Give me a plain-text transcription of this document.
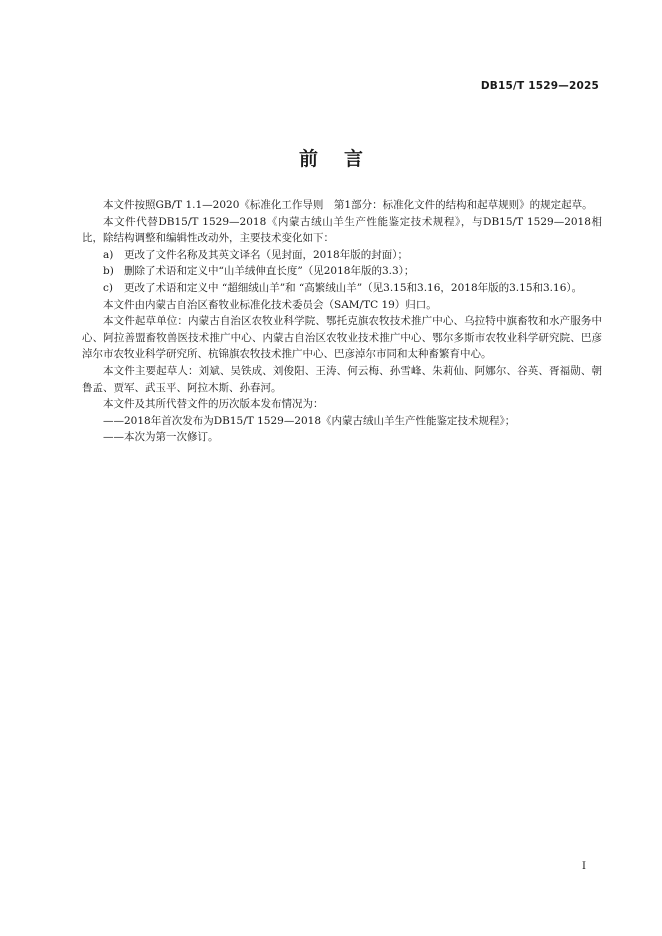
DB15/T 1529—2025
前言

本文件按照GB/T 1.1—2020《标准化工作导则　第1部分：标准化文件的结构和起草规则》的规定起草。

本文件代替DB15/T 1529—2018《内蒙古绒山羊生产性能鉴定技术规程》，与DB15/T 1529—2018相比，除结构调整和编辑性改动外，主要技术变化如下：

a) 更改了文件名称及其英文译名（见封面，2018年版的封面）；

b) 删除了术语和定义中“山羊绒伸直长度”（见2018年版的3.3）；

c) 更改了术语和定义中 “超细绒山羊”和 “高繁绒山羊”（见3.15和3.16，2018年版的3.15和3.16）。

本文件由内蒙古自治区畜牧业标准化技术委员会（SAM/TC 19）归口。

本文件起草单位：内蒙古自治区农牧业科学院、鄂托克旗农牧技术推广中心、乌拉特中旗畜牧和水产服务中心、阿拉善盟畜牧兽医技术推广中心、内蒙古自治区农牧业技术推广中心、鄂尔多斯市农牧业科学研究院、巴彦淖尔市农牧业科学研究所、杭锦旗农牧技术推广中心、巴彦淖尔市同和太种畜繁育中心。

本文件主要起草人：刘斌、吴铁成、刘俊阳、王涛、何云梅、孙雪峰、朱莉仙、阿娜尔、谷英、胥福勋、朝鲁孟、贾军、武玉平、阿拉木斯、孙春河。

本文件及其所代替文件的历次版本发布情况为：

——2018年首次发布为DB15/T 1529—2018《内蒙古绒山羊生产性能鉴定技术规程》；

——本次为第一次修订。

I
